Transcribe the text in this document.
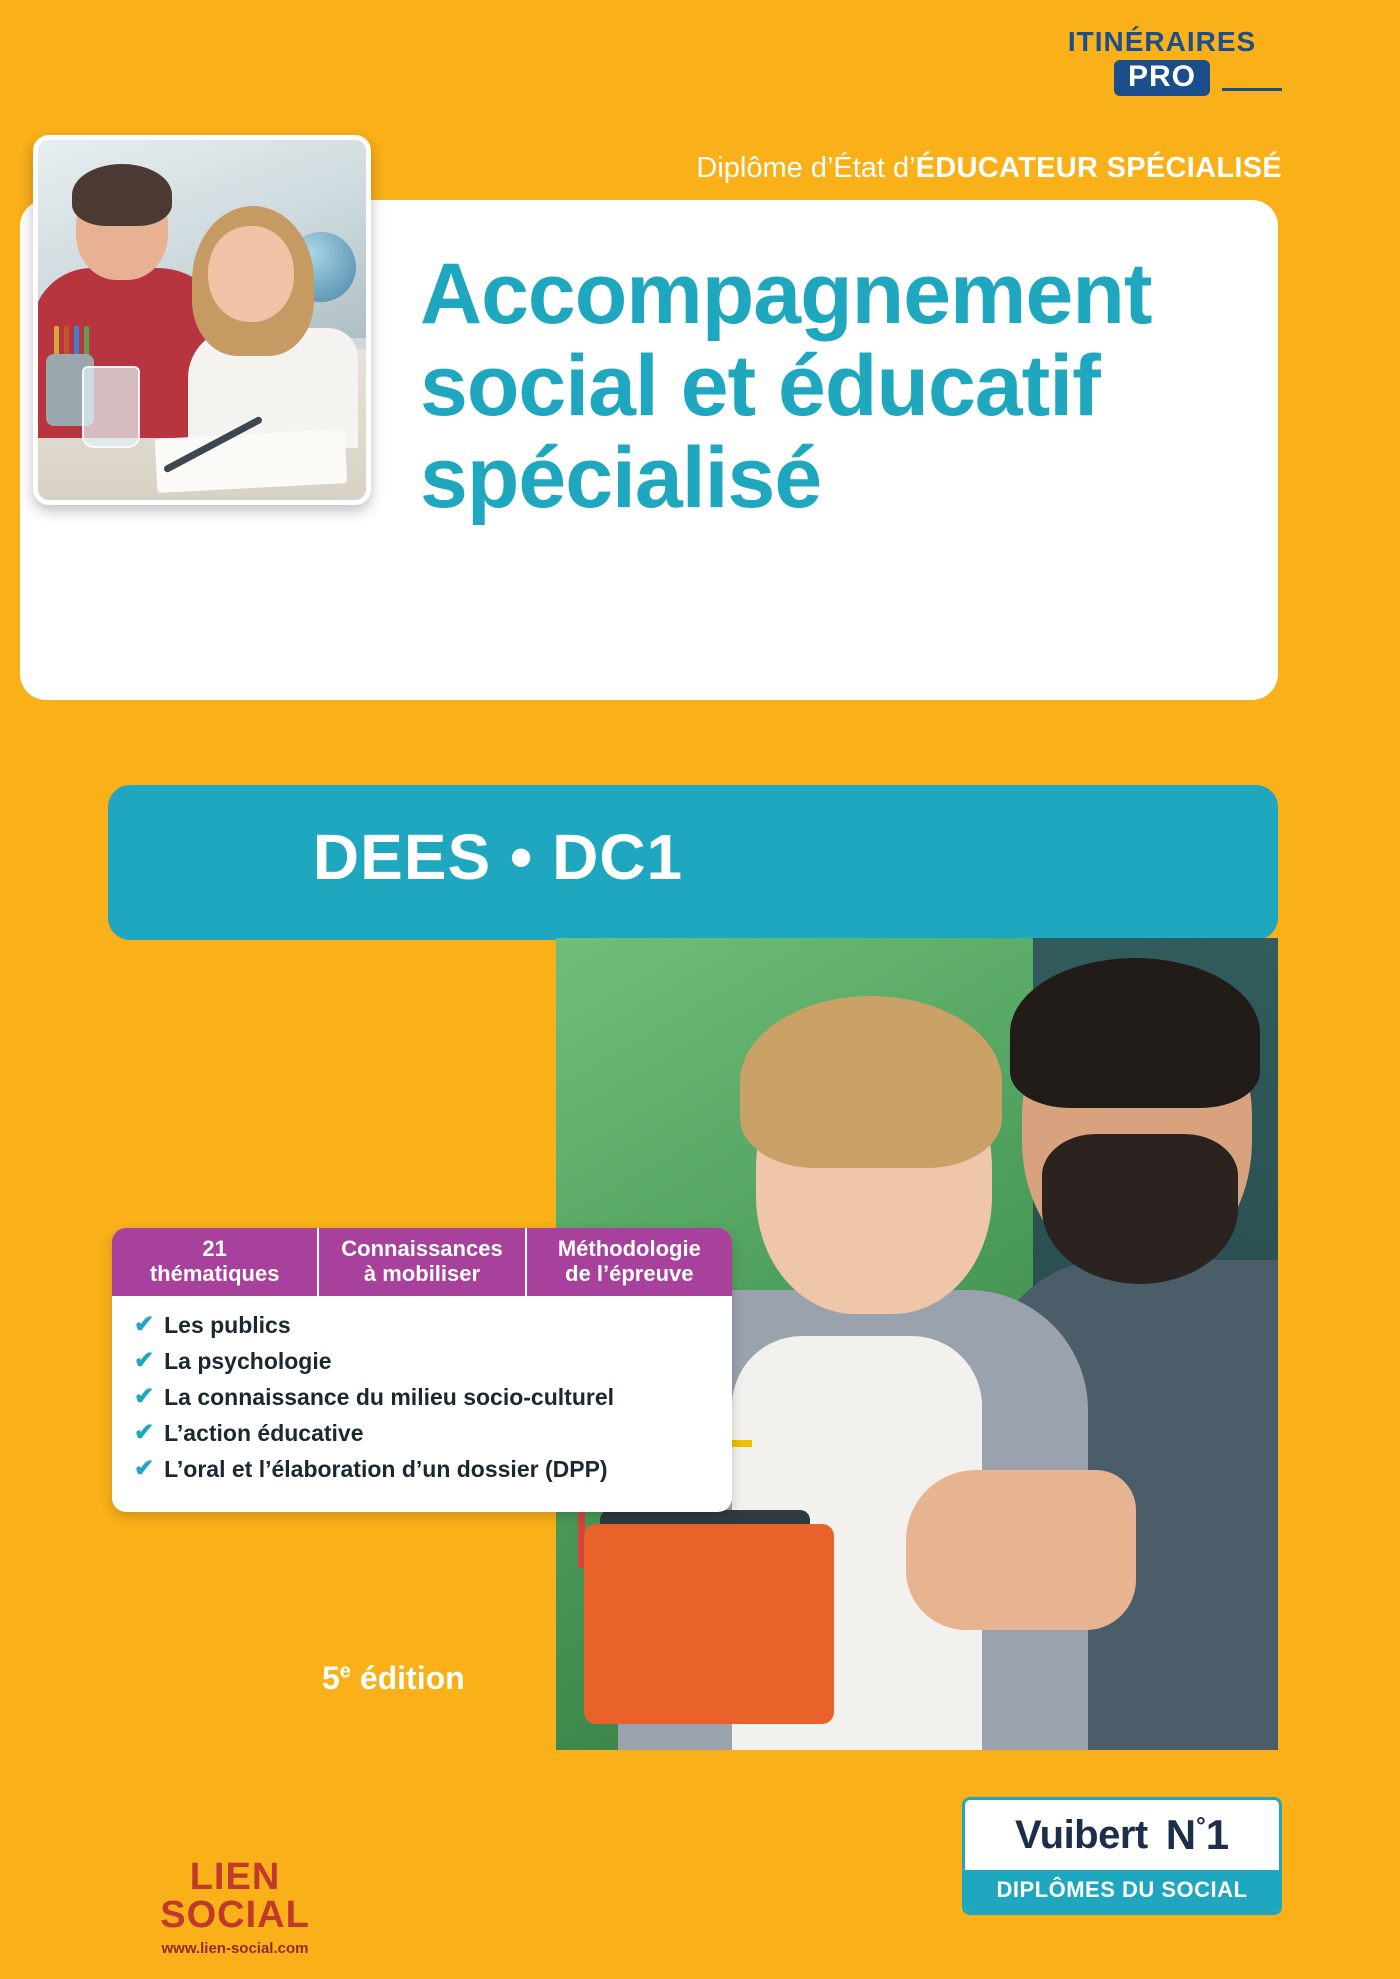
ITINÉRAIRES
PRO
Diplôme d’État d’ÉDUCATEUR SPÉCIALISÉ
Accompagnement
social et éducatif
spécialisé
DEES • DC1
21
thématiques
Connaissances
à mobiliser
Méthodologie
de l’épreuve
✔ Les publics
✔ La psychologie
✔ La connaissance du milieu socio-culturel
✔ L’action éducative
✔ L’oral et l’élaboration d’un dossier (DPP)
5e édition
LIEN SOCIAL
www.lien-social.com
Vuibert N°1
DIPLÔMES DU SOCIAL
